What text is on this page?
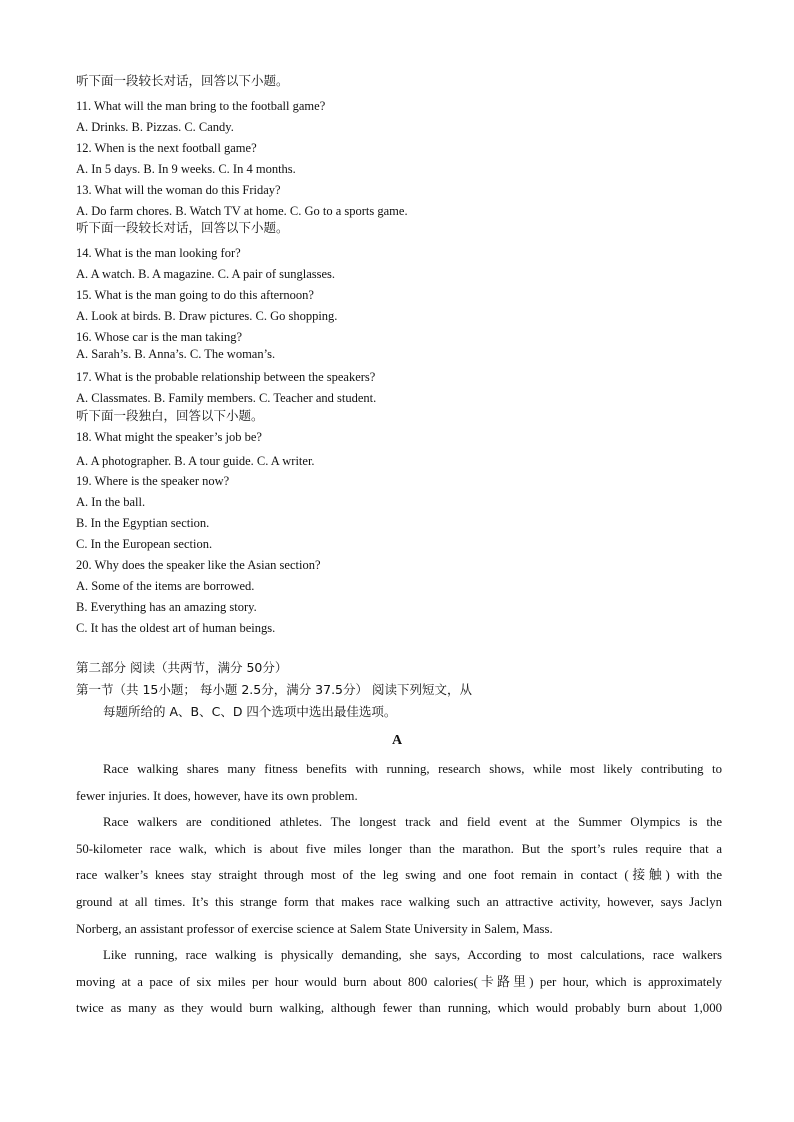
听下面一段较长对话，回答以下小题。
11. What will the man bring to the football game?
A. Drinks. B. Pizzas. C. Candy.
12. When is the next football game?
A. In 5 days. B. In 9 weeks. C. In 4 months.
13. What will the woman do this Friday?
A. Do farm chores. B. Watch TV at home. C. Go to a sports game.
听下面一段较长对话，回答以下小题。
14. What is the man looking for?
A. A watch. B. A magazine. C. A pair of sunglasses.
15. What is the man going to do this afternoon?
A. Look at birds. B. Draw pictures. C. Go shopping.
16. Whose car is the man taking?
A. Sarah’s. B. Anna’s. C. The woman’s.
17. What is the probable relationship between the speakers?
A. Classmates. B. Family members. C. Teacher and student.
听下面一段独白，回答以下小题。
18. What might the speaker’s job be?
A. A photographer. B. A tour guide. C. A writer.
19. Where is the speaker now?
A. In the ball.
B. In the Egyptian section.
C. In the European section.
20. Why does the speaker like the Asian section?
A. Some of the items are borrowed.
B. Everything has an amazing story.
C. It has the oldest art of human beings.
第二部分 阅读（共两节，满分 50分）
第一节（共 15小题； 每小题 2.5分，满分 37.5分） 阅读下列短文，从
每题所给的 A、B、C、D 四个选项中选出最佳选项。
A
Race walking shares many fitness benefits with running, research shows, while most likely contributing to
fewer injuries. It does, however, have its own problem.
Race walkers are conditioned athletes. The longest track and field event at the Summer Olympics is the
50-kilometer race walk, which is about five miles longer than the marathon. But the sport’s rules require that a
race walker’s knees stay straight through most of the leg swing and one foot remain in contact (接触) with the
ground at all times. It’s this strange form that makes race walking such an attractive activity, however, says Jaclyn
Norberg, an assistant professor of exercise science at Salem State University in Salem, Mass.
Like running, race walking is physically demanding, she says, According to most calculations, race walkers
moving at a pace of six miles per hour would burn about 800 calories(卡路里) per hour, which is approximately
twice as many as they would burn walking, although fewer than running, which would probably burn about 1,000
